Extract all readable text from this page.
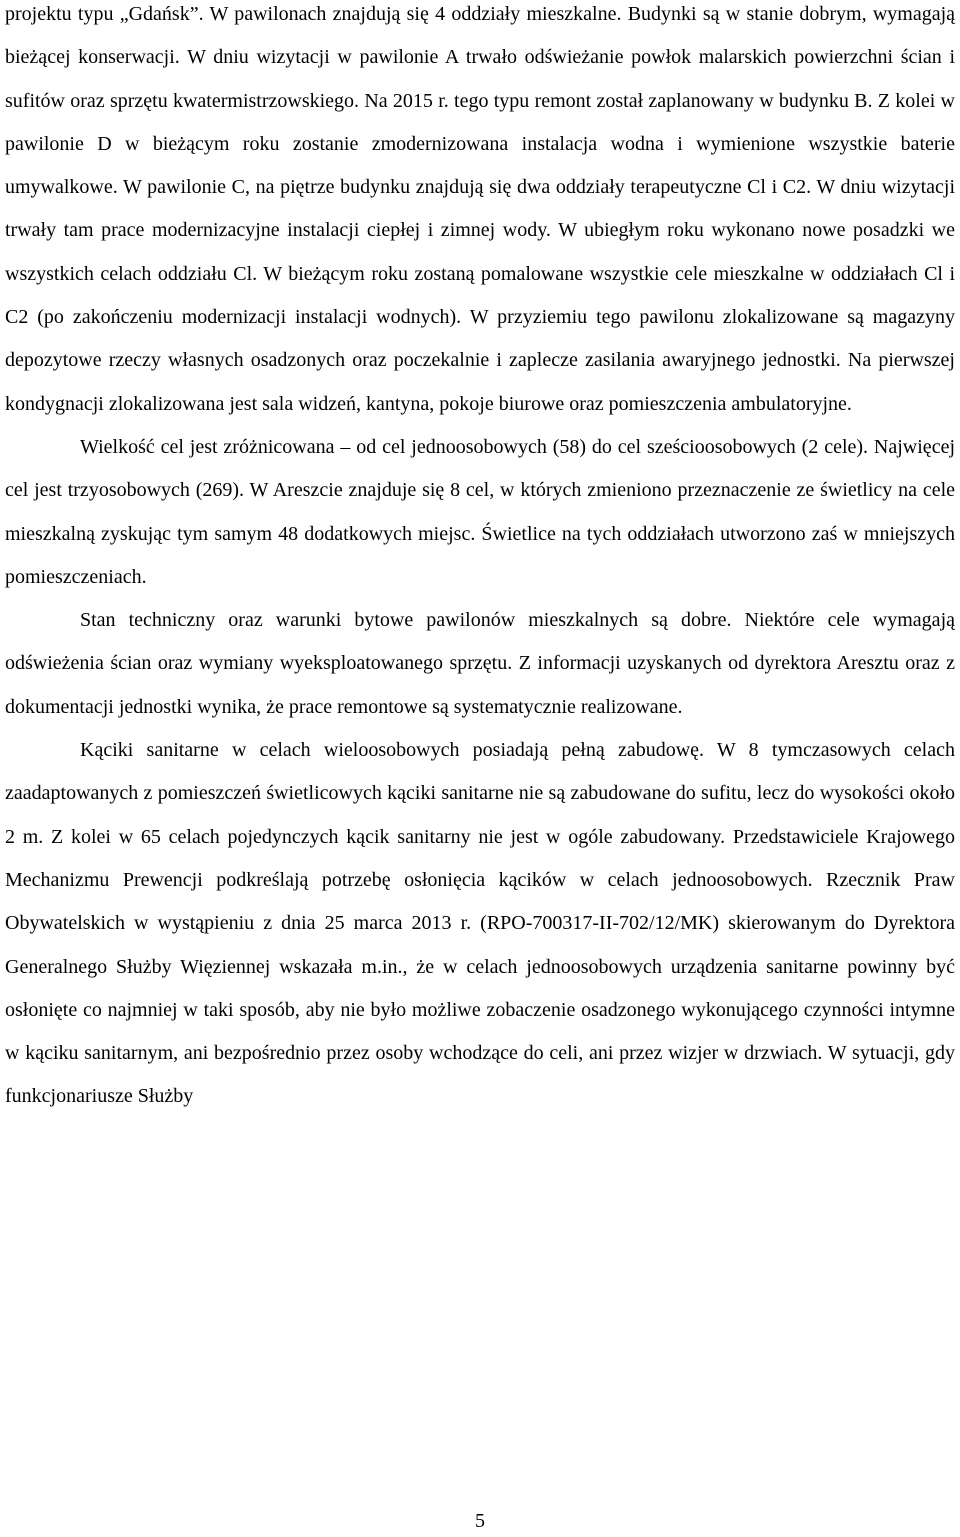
projektu typu „Gdańsk”. W pawilonach znajdują się 4 oddziały mieszkalne. Budynki są w stanie dobrym, wymagają bieżącej konserwacji. W dniu wizytacji w pawilonie A trwało odświeżanie powłok malarskich powierzchni ścian i sufitów oraz sprzętu kwatermistrzowskiego. Na 2015 r. tego typu remont został zaplanowany w budynku B. Z kolei w pawilonie D w bieżącym roku zostanie zmodernizowana instalacja wodna i wymienione wszystkie baterie umywalkowe. W pawilonie C, na piętrze budynku znajdują się dwa oddziały terapeutyczne Cl i C2. W dniu wizytacji trwały tam prace modernizacyjne instalacji ciepłej i zimnej wody. W ubiegłym roku wykonano nowe posadzki we wszystkich celach oddziału Cl. W bieżącym roku zostaną pomalowane wszystkie cele mieszkalne w oddziałach Cl i C2 (po zakończeniu modernizacji instalacji wodnych). W przyziemiu tego pawilonu zlokalizowane są magazyny depozytowe rzeczy własnych osadzonych oraz poczekalnie i zaplecze zasilania awaryjnego jednostki. Na pierwszej kondygnacji zlokalizowana jest sala widzeń, kantyna, pokoje biurowe oraz pomieszczenia ambulatoryjne.

Wielkość cel jest zróżnicowana – od cel jednoosobowych (58) do cel sześcioosobowych (2 cele). Najwięcej cel jest trzyosobowych (269). W Areszcie znajduje się 8 cel, w których zmieniono przeznaczenie ze świetlicy na cele mieszkalną zyskując tym samym 48 dodatkowych miejsc. Świetlice na tych oddziałach utworzono zaś w mniejszych pomieszczeniach.

Stan techniczny oraz warunki bytowe pawilonów mieszkalnych są dobre. Niektóre cele wymagają odświeżenia ścian oraz wymiany wyeksploatowanego sprzętu. Z informacji uzyskanych od dyrektora Aresztu oraz z dokumentacji jednostki wynika, że prace remontowe są systematycznie realizowane.

Kąciki sanitarne w celach wieloosobowych posiadają pełną zabudowę. W 8 tymczasowych celach zaadaptowanych z pomieszczeń świetlicowych kąciki sanitarne nie są zabudowane do sufitu, lecz do wysokości około 2 m. Z kolei w 65 celach pojedynczych kącik sanitarny nie jest w ogóle zabudowany. Przedstawiciele Krajowego Mechanizmu Prewencji podkreślają potrzebę osłonięcia kącików w celach jednoosobowych. Rzecznik Praw Obywatelskich w wystąpieniu z dnia 25 marca 2013 r. (RPO-700317-II-702/12/MK) skierowanym do Dyrektora Generalnego Służby Więziennej wskazała m.in., że w celach jednoosobowych urządzenia sanitarne powinny być osłonięte co najmniej w taki sposób, aby nie było możliwe zobaczenie osadzonego wykonującego czynności intymne w kąciku sanitarnym, ani bezpośrednio przez osoby wchodzące do celi, ani przez wizjer w drzwiach. W sytuacji, gdy funkcjonariusze Służby

5
